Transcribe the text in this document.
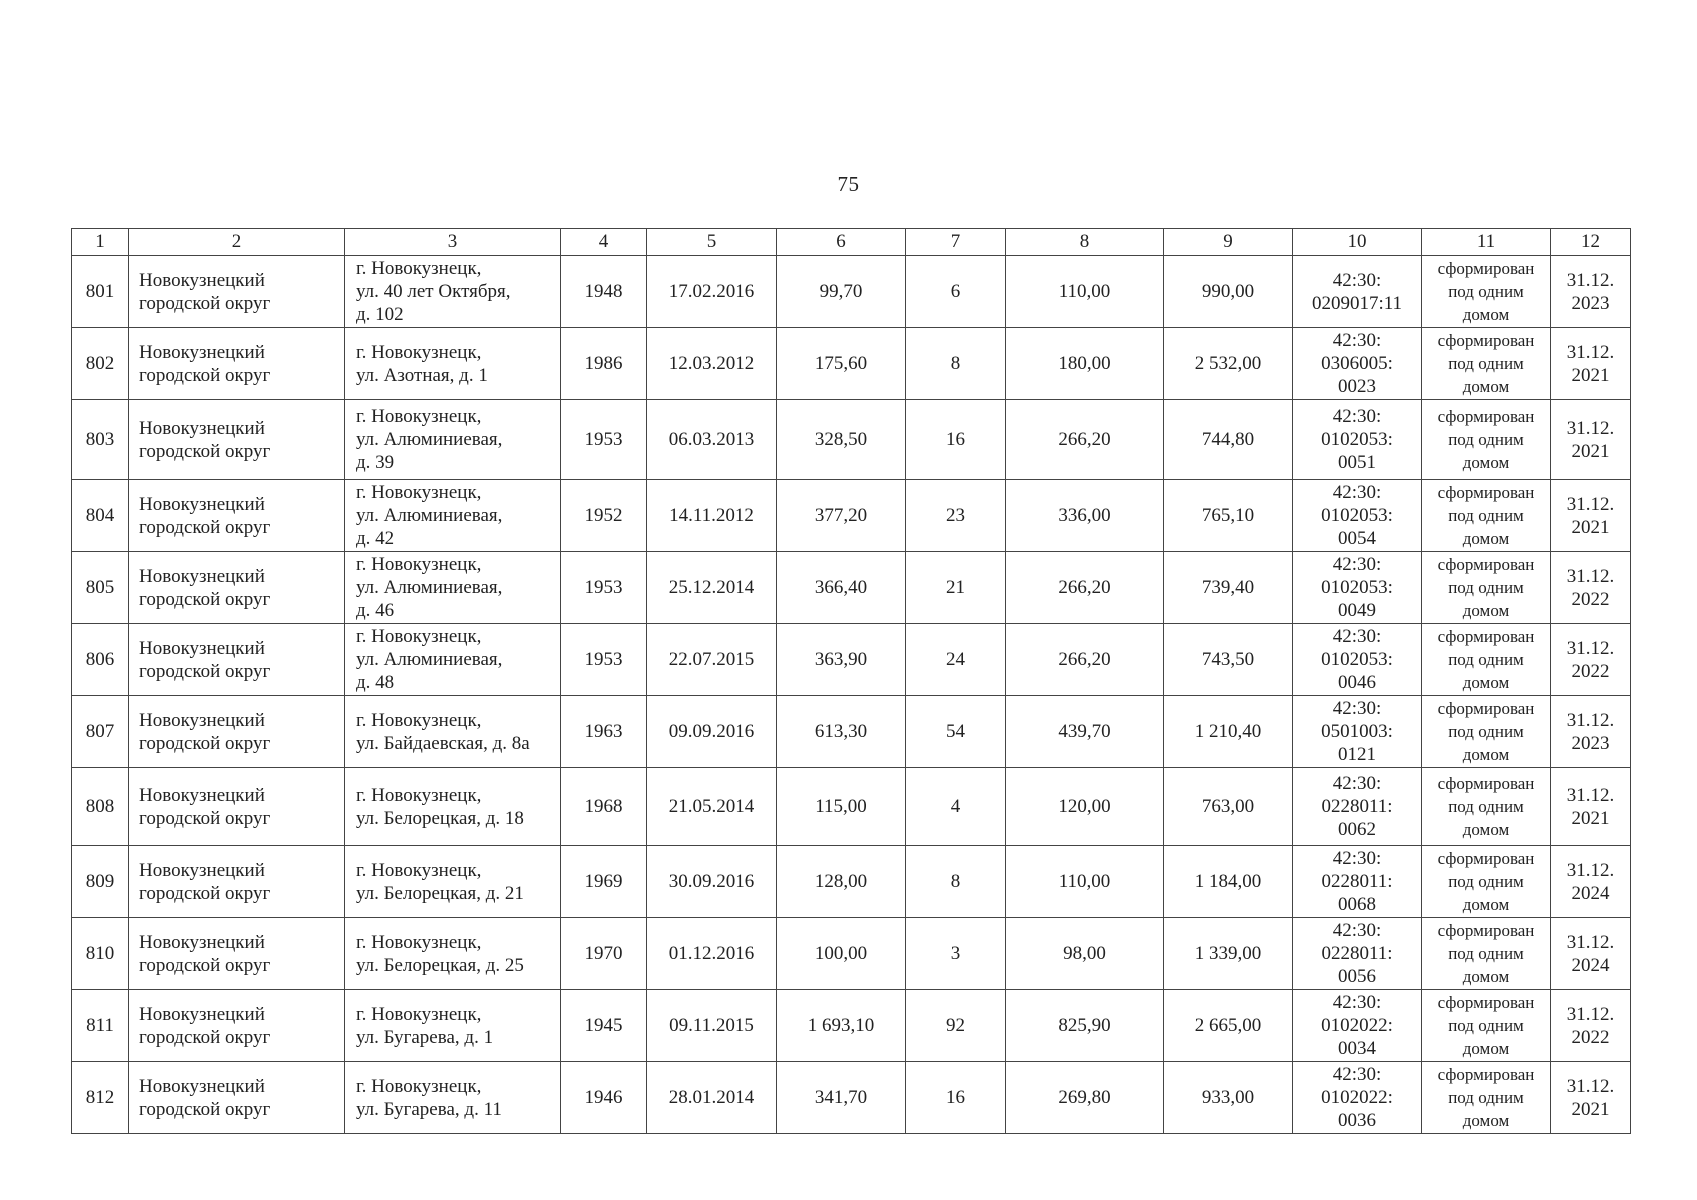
75
1	2	3	4	5	6	7	8	9	10	11	12
801	Новокузнецкий
городской округ	г. Новокузнецк,
ул. 40 лет Октября,
д. 102	1948	17.02.2016	99,70	6	110,00	990,00	42:30:
0209017:11	сформирован
под одним
домом	31.12.
2023

802	Новокузнецкий
городской округ	г. Новокузнецк,
ул. Азотная, д. 1	1986	12.03.2012	175,60	8	180,00	2 532,00	42:30:
0306005:
0023	сформирован
под одним
домом	31.12.
2021

803	Новокузнецкий
городской округ	г. Новокузнецк,
ул. Алюминиевая,
д. 39	1953	06.03.2013	328,50	16	266,20	744,80	42:30:
0102053:
0051	сформирован
под одним
домом	31.12.
2021

804	Новокузнецкий
городской округ	г. Новокузнецк,
ул. Алюминиевая,
д. 42	1952	14.11.2012	377,20	23	336,00	765,10	42:30:
0102053:
0054	сформирован
под одним
домом	31.12.
2021

805	Новокузнецкий
городской округ	г. Новокузнецк,
ул. Алюминиевая,
д. 46	1953	25.12.2014	366,40	21	266,20	739,40	42:30:
0102053:
0049	сформирован
под одним
домом	31.12.
2022

806	Новокузнецкий
городской округ	г. Новокузнецк,
ул. Алюминиевая,
д. 48	1953	22.07.2015	363,90	24	266,20	743,50	42:30:
0102053:
0046	сформирован
под одним
домом	31.12.
2022

807	Новокузнецкий
городской округ	г. Новокузнецк,
ул. Байдаевская, д. 8а	1963	09.09.2016	613,30	54	439,70	1 210,40	42:30:
0501003:
0121	сформирован
под одним
домом	31.12.
2023

808	Новокузнецкий
городской округ	г. Новокузнецк,
ул. Белорецкая, д. 18	1968	21.05.2014	115,00	4	120,00	763,00	42:30:
0228011:
0062	сформирован
под одним
домом	31.12.
2021

809	Новокузнецкий
городской округ	г. Новокузнецк,
ул. Белорецкая, д. 21	1969	30.09.2016	128,00	8	110,00	1 184,00	42:30:
0228011:
0068	сформирован
под одним
домом	31.12.
2024

810	Новокузнецкий
городской округ	г. Новокузнецк,
ул. Белорецкая, д. 25	1970	01.12.2016	100,00	3	98,00	1 339,00	42:30:
0228011:
0056	сформирован
под одним
домом	31.12.
2024

811	Новокузнецкий
городской округ	г. Новокузнецк,
ул. Бугарева, д. 1	1945	09.11.2015	1 693,10	92	825,90	2 665,00	42:30:
0102022:
0034	сформирован
под одним
домом	31.12.
2022

812	Новокузнецкий
городской округ	г. Новокузнецк,
ул. Бугарева, д. 11	1946	28.01.2014	341,70	16	269,80	933,00	42:30:
0102022:
0036	сформирован
под одним
домом	31.12.
2021
